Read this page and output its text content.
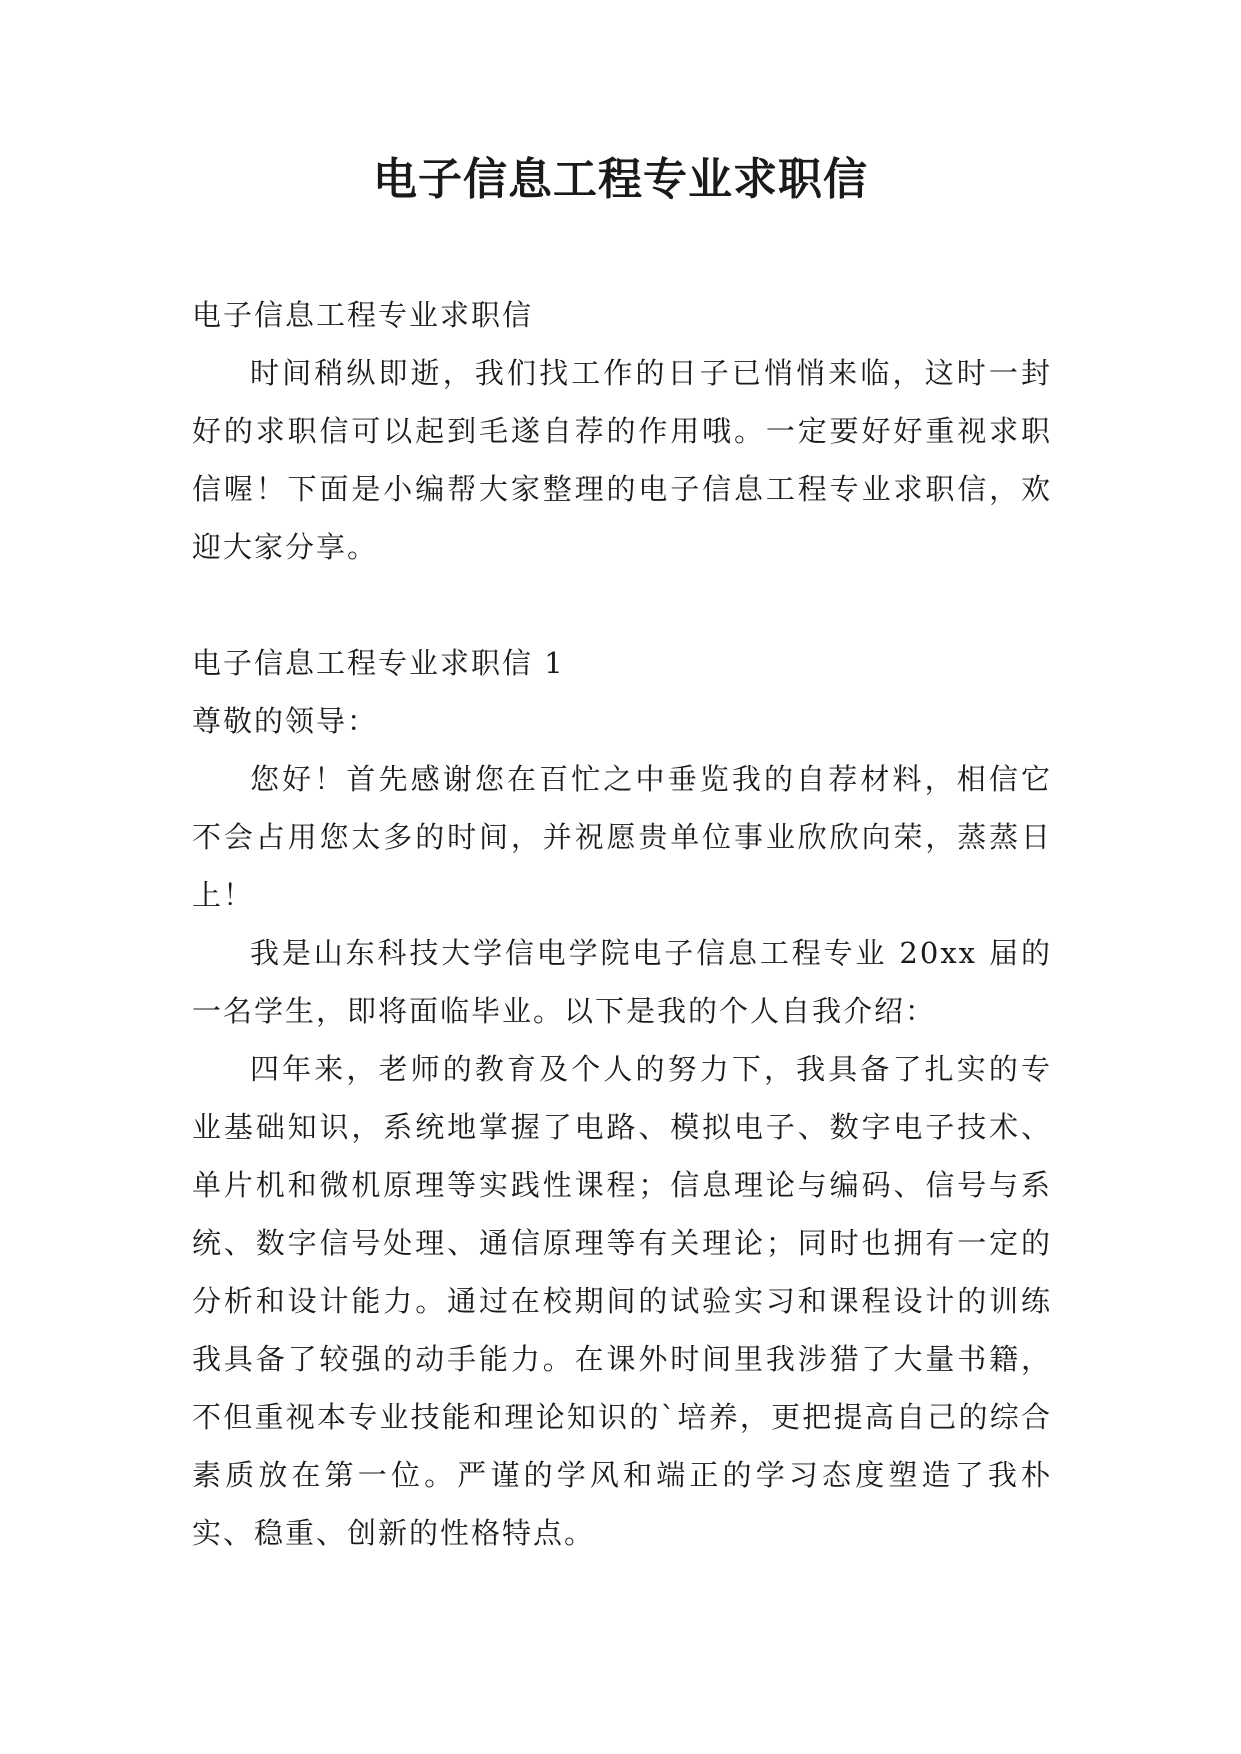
电子信息工程专业求职信

电子信息工程专业求职信

时间稍纵即逝，我们找工作的日子已悄悄来临，这时一封好的求职信可以起到毛遂自荐的作用哦。一定要好好重视求职信喔！下面是小编帮大家整理的电子信息工程专业求职信，欢迎大家分享。

电子信息工程专业求职信 1

尊敬的领导：

您好！首先感谢您在百忙之中垂览我的自荐材料，相信它不会占用您太多的时间，并祝愿贵单位事业欣欣向荣，蒸蒸日上！

我是山东科技大学信电学院电子信息工程专业 20xx 届的一名学生，即将面临毕业。以下是我的个人自我介绍：

四年来，老师的教育及个人的努力下，我具备了扎实的专业基础知识，系统地掌握了电路、模拟电子、数字电子技术、单片机和微机原理等实践性课程；信息理论与编码、信号与系统、数字信号处理、通信原理等有关理论；同时也拥有一定的分析和设计能力。通过在校期间的试验实习和课程设计的训练我具备了较强的动手能力。在课外时间里我涉猎了大量书籍，不但重视本专业技能和理论知识的`培养，更把提高自己的综合素质放在第一位。严谨的学风和端正的学习态度塑造了我朴实、稳重、创新的性格特点。
